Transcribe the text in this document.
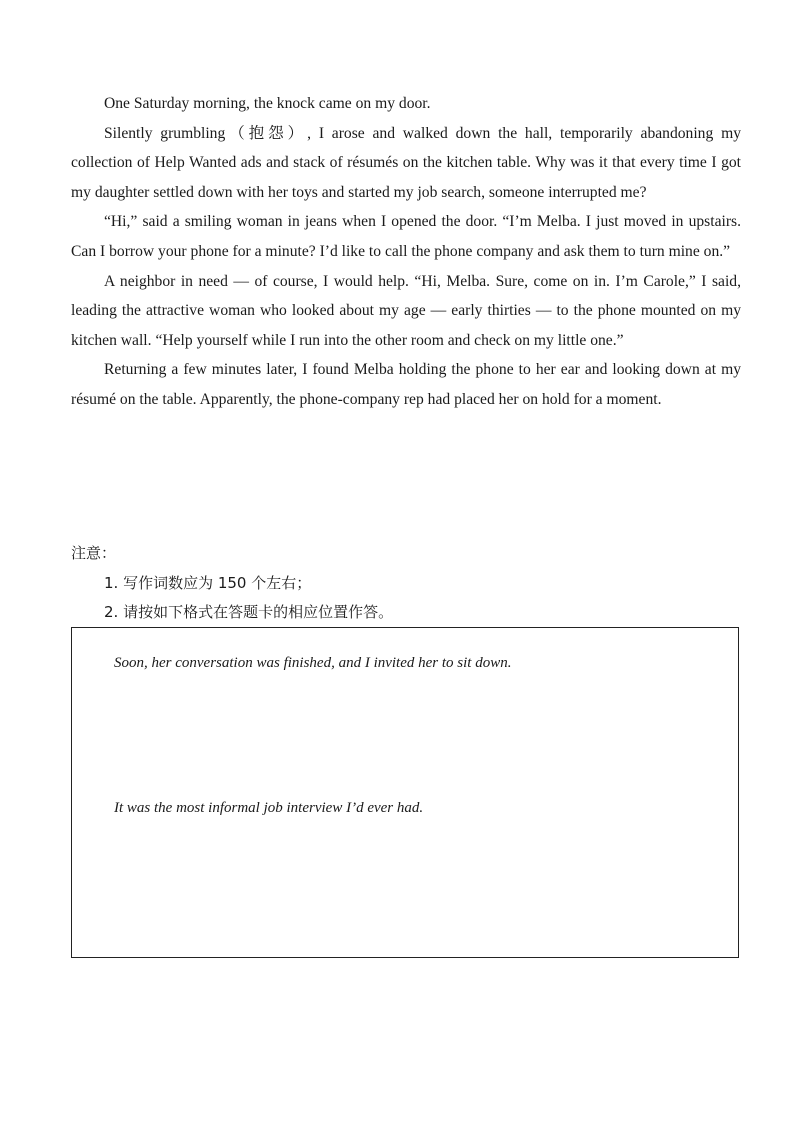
One Saturday morning, the knock came on my door.

Silently grumbling（抱怨）, I arose and walked down the hall, temporarily abandoning my collection of Help Wanted ads and stack of résumés on the kitchen table. Why was it that every time I got my daughter settled down with her toys and started my job search, someone interrupted me?

“Hi,” said a smiling woman in jeans when I opened the door. “I’m Melba. I just moved in upstairs. Can I borrow your phone for a minute? I’d like to call the phone company and ask them to turn mine on.”

A neighbor in need — of course, I would help. “Hi, Melba. Sure, come on in. I’m Carole,” I said, leading the attractive woman who looked about my age — early thirties — to the phone mounted on my kitchen wall. “Help yourself while I run into the other room and check on my little one.”

Returning a few minutes later, I found Melba holding the phone to her ear and looking down at my résumé on the table. Apparently, the phone-company rep had placed her on hold for a moment.

注意：

1. 写作词数应为 150 个左右；

2. 请按如下格式在答题卡的相应位置作答。

Soon, her conversation was finished, and I invited her to sit down.
It was the most informal job interview I’d ever had.
